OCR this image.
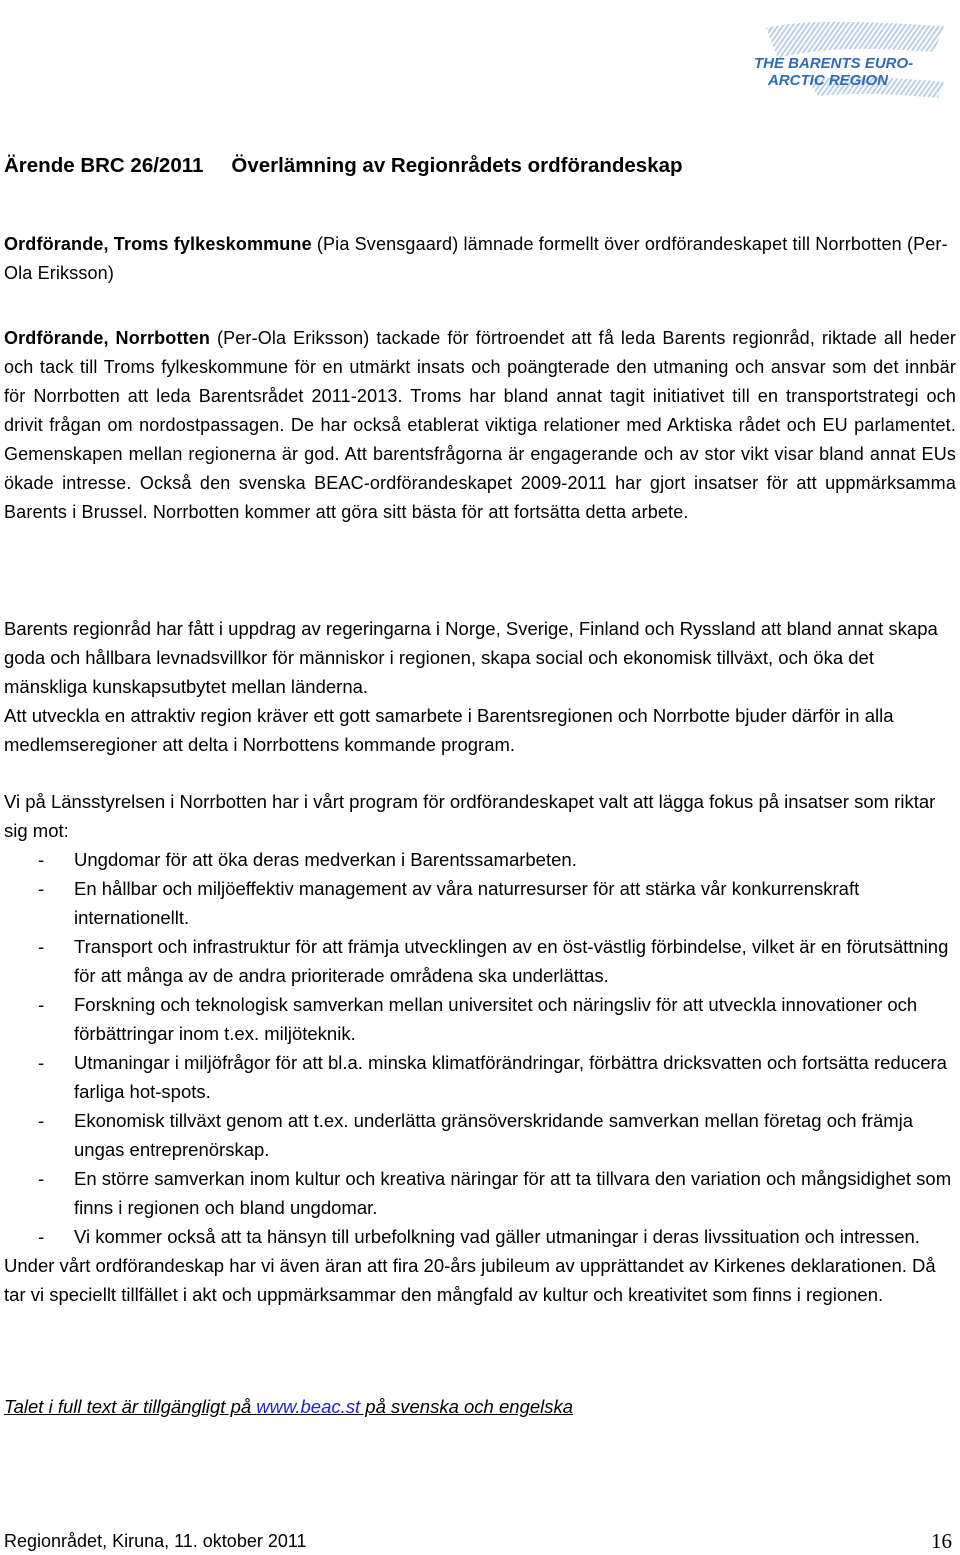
THE BARENTS EURO-
ARCTIC REGION
Ärende BRC 26/2011 Överlämning av Regionrådets ordförandeskap

Ordförande, Troms fylkeskommune (Pia Svensgaard) lämnade formellt över ordförandeskapet till Norrbotten (Per-Ola Eriksson)

Ordförande, Norrbotten (Per-Ola Eriksson) tackade för förtroendet att få leda Barents regionråd, riktade all heder och tack till Troms fylkeskommune för en utmärkt insats och poängterade den utmaning och ansvar som det innbär för Norrbotten att leda Barentsrådet 2011-2013. Troms har bland annat tagit initiativet till en transportstrategi och drivit frågan om nordostpassagen. De har också etablerat viktiga relationer med Arktiska rådet och EU parlamentet. Gemenskapen mellan regionerna är god. Att barentsfrågorna är engagerande och av stor vikt visar bland annat EUs ökade intresse. Också den svenska BEAC-ordförandeskapet 2009-2011 har gjort insatser för att uppmärksamma Barents i Brussel. Norrbotten kommer att göra sitt bästa för att fortsätta detta arbete.

Barents regionråd har fått i uppdrag av regeringarna i Norge, Sverige, Finland och Ryssland att bland annat skapa goda och hållbara levnadsvillkor för människor i regionen, skapa social och ekonomisk tillväxt, och öka det mänskliga kunskapsutbytet mellan länderna.

Att utveckla en attraktiv region kräver ett gott samarbete i Barentsregionen och Norrbotte bjuder därför in alla medlemseregioner att delta i Norrbottens kommande program.

Vi på Länsstyrelsen i Norrbotten har i vårt program för ordförandeskapet valt att lägga fokus på insatser som riktar sig mot:

- Ungdomar för att öka deras medverkan i Barentssamarbeten.
- En hållbar och miljöeffektiv management av våra naturresurser för att stärka vår konkurrenskraft internationellt.
- Transport och infrastruktur för att främja utvecklingen av en öst-västlig förbindelse, vilket är en förutsättning för att många av de andra prioriterade områdena ska underlättas.
- Forskning och teknologisk samverkan mellan universitet och näringsliv för att utveckla innovationer och förbättringar inom t.ex. miljöteknik.
- Utmaningar i miljöfrågor för att bl.a. minska klimatförändringar, förbättra dricksvatten och fortsätta reducera farliga hot-spots.
- Ekonomisk tillväxt genom att t.ex. underlätta gränsöverskridande samverkan mellan företag och främja ungas entreprenörskap.
- En större samverkan inom kultur och kreativa näringar för att ta tillvara den variation och mångsidighet som finns i regionen och bland ungdomar.
- Vi kommer också att ta hänsyn till urbefolkning vad gäller utmaningar i deras livssituation och intressen.

Under vårt ordförandeskap har vi även äran att fira 20-års jubileum av upprättandet av Kirkenes deklarationen. Då tar vi speciellt tillfället i akt och uppmärksammar den mångfald av kultur och kreativitet som finns i regionen.

Talet i full text är tillgängligt på www.beac.st på svenska och engelska
Regionrådet, Kiruna, 11. oktober 2011	16
